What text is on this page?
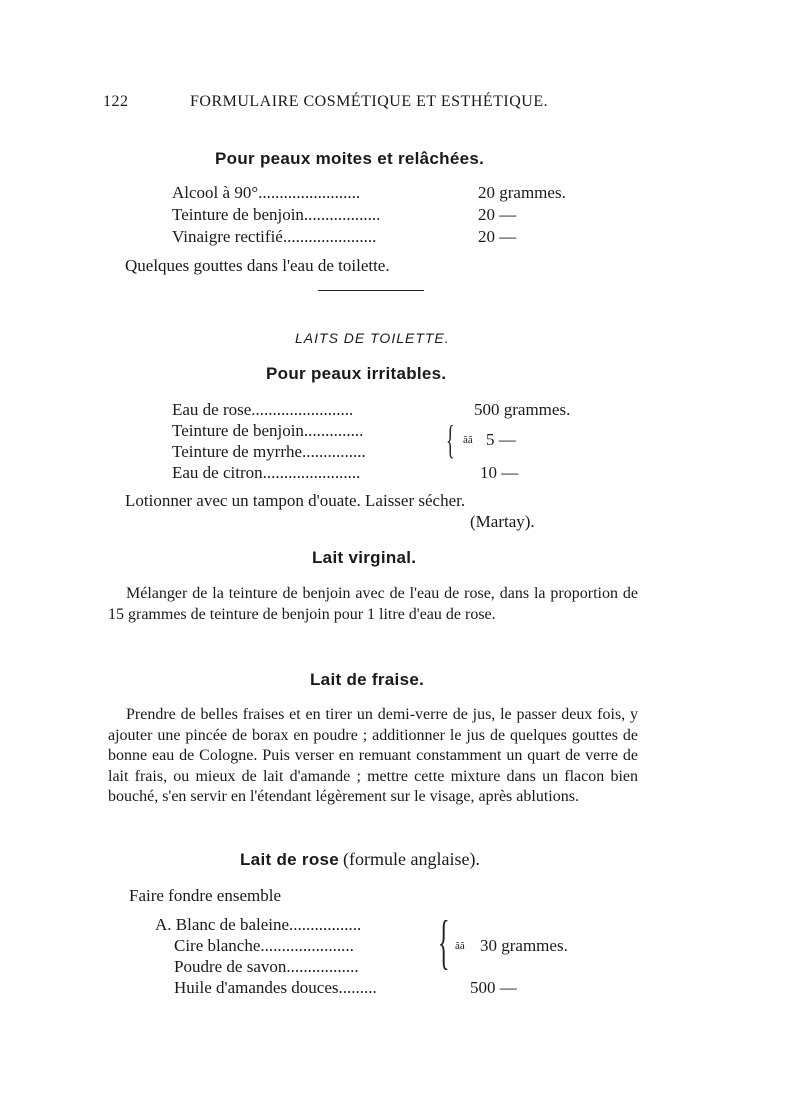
122	FORMULAIRE COSMÉTIQUE ET ESTHÉTIQUE.
Pour peaux moites et relâchées.
Alcool à 90°........................	20 grammes.
Teinture de benjoin..................	20 —
Vinaigre rectifié......................	20 —
Quelques gouttes dans l'eau de toilette.
LAITS DE TOILETTE.
Pour peaux irritables.
Eau de rose........................	500 grammes.
Teinture de benjoin..............
Teinture de myrrhe............... { ãã 5 —
Eau de citron.......................	10 —
Lotionner avec un tampon d'ouate. Laisser sécher.
(Martay).
Lait virginal.
Mélanger de la teinture de benjoin avec de l'eau de rose, dans la proportion de 15 grammes de teinture de benjoin pour 1 litre d'eau de rose.
Lait de fraise.
Prendre de belles fraises et en tirer un demi-verre de jus, le passer deux fois, y ajouter une pincée de borax en poudre ; additionner le jus de quelques gouttes de bonne eau de Cologne. Puis verser en remuant constamment un quart de verre de lait frais, ou mieux de lait d'amande ; mettre cette mixture dans un flacon bien bouché, s'en servir en l'étendant légèrement sur le visage, après ablutions.
Lait de rose (formule anglaise).
Faire fondre ensemble
A. Blanc de baleine.................
Cire blanche......................
Poudre de savon................. { ãã 30 grammes.
Huile d'amandes douces.........	500 —
